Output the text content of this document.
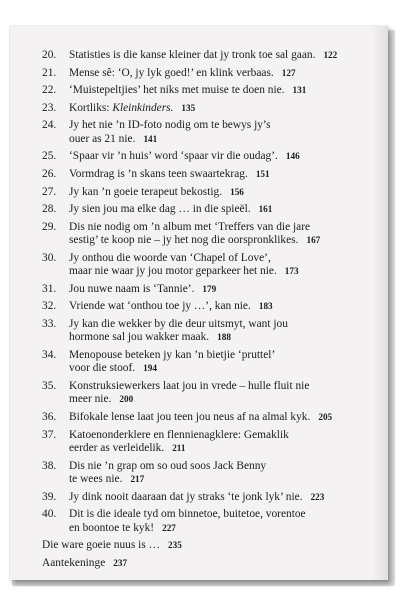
20. Statisties is die kanse kleiner dat jy tronk toe sal gaan. 122
21. Mense sê: ‘O, jy lyk goed!’ en klink verbaas. 127
22. ‘Muistepeltjies’ het niks met muise te doen nie. 131
23. Kortliks: Kleinkinders. 135
24. Jy het nie ’n ID-foto nodig om te bewys jy’s
ouer as 21 nie. 141
25. ‘Spaar vir ’n huis’ word ‘spaar vir die oudag’. 146
26. Vormdrag is ’n skans teen swaartekrag. 151
27. Jy kan ’n goeie terapeut bekostig. 156
28. Jy sien jou ma elke dag … in die spieël. 161
29. Dis nie nodig om ’n album met ‘Treffers van die jare
sestig’ te koop nie – jy het nog die oorspronklikes. 167
30. Jy onthou die woorde van ‘Chapel of Love’,
maar nie waar jy jou motor geparkeer het nie. 173
31. Jou nuwe naam is ‘Tannie’. 179
32. Vriende wat ‘onthou toe jy …’, kan nie. 183
33. Jy kan die wekker by die deur uitsmyt, want jou
hormone sal jou wakker maak. 188
34. Menopouse beteken jy kan ’n bietjie ‘pruttel’
voor die stoof. 194
35. Konstruksiewerkers laat jou in vrede – hulle fluit nie
meer nie. 200
36. Bifokale lense laat jou teen jou neus af na almal kyk. 205
37. Katoenonderklere en flennienagklere: Gemaklik
eerder as verleidelik. 211
38. Dis nie ’n grap om so oud soos Jack Benny
te wees nie. 217
39. Jy dink nooit daaraan dat jy straks ‘te jonk lyk’ nie. 223
40. Dit is die ideale tyd om binnetoe, buitetoe, vorentoe
en boontoe te kyk! 227
Die ware goeie nuus is … 235
Aantekeninge 237
